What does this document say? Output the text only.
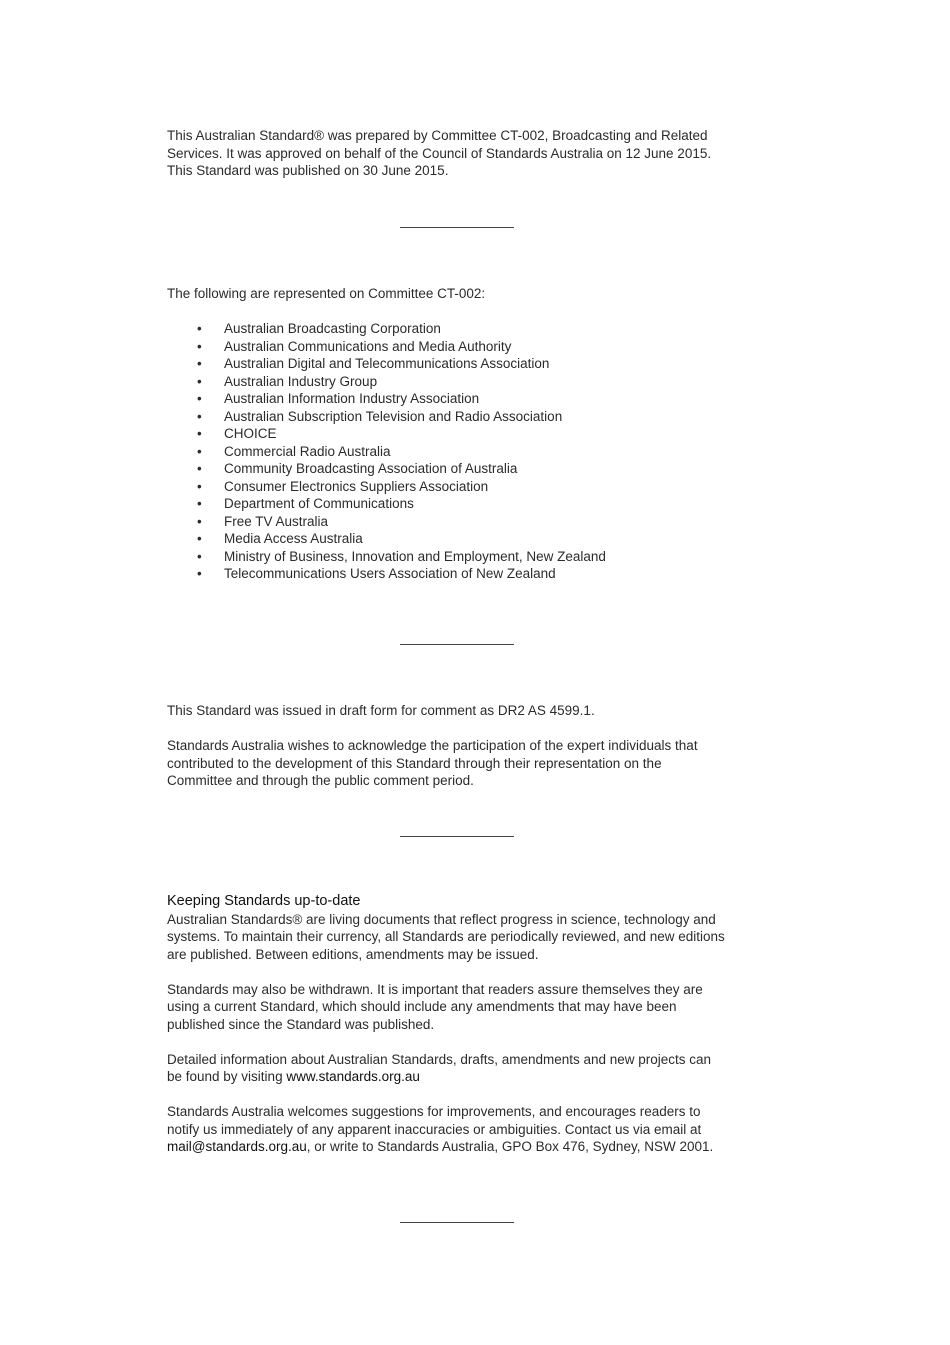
This Australian Standard® was prepared by Committee CT-002, Broadcasting and Related

Services. It was approved on behalf of the Council of Standards Australia on 12 June 2015.

This Standard was published on 30 June 2015.

The following are represented on Committee CT-002:

• Australian Broadcasting Corporation
• Australian Communications and Media Authority
• Australian Digital and Telecommunications Association
• Australian Industry Group
• Australian Information Industry Association
• Australian Subscription Television and Radio Association
• CHOICE
• Commercial Radio Australia
• Community Broadcasting Association of Australia
• Consumer Electronics Suppliers Association
• Department of Communications
• Free TV Australia
• Media Access Australia
• Ministry of Business, Innovation and Employment, New Zealand
• Telecommunications Users Association of New Zealand

This Standard was issued in draft form for comment as DR2 AS 4599.1.

Standards Australia wishes to acknowledge the participation of the expert individuals that

contributed to the development of this Standard through their representation on the

Committee and through the public comment period.

Keeping Standards up-to-date

Australian Standards® are living documents that reflect progress in science, technology and

systems. To maintain their currency, all Standards are periodically reviewed, and new editions

are published. Between editions, amendments may be issued.

Standards may also be withdrawn. It is important that readers assure themselves they are

using a current Standard, which should include any amendments that may have been

published since the Standard was published.

Detailed information about Australian Standards, drafts, amendments and new projects can

be found by visiting www.standards.org.au

Standards Australia welcomes suggestions for improvements, and encourages readers to

notify us immediately of any apparent inaccuracies or ambiguities. Contact us via email at

mail@standards.org.au, or write to Standards Australia, GPO Box 476, Sydney, NSW 2001.
